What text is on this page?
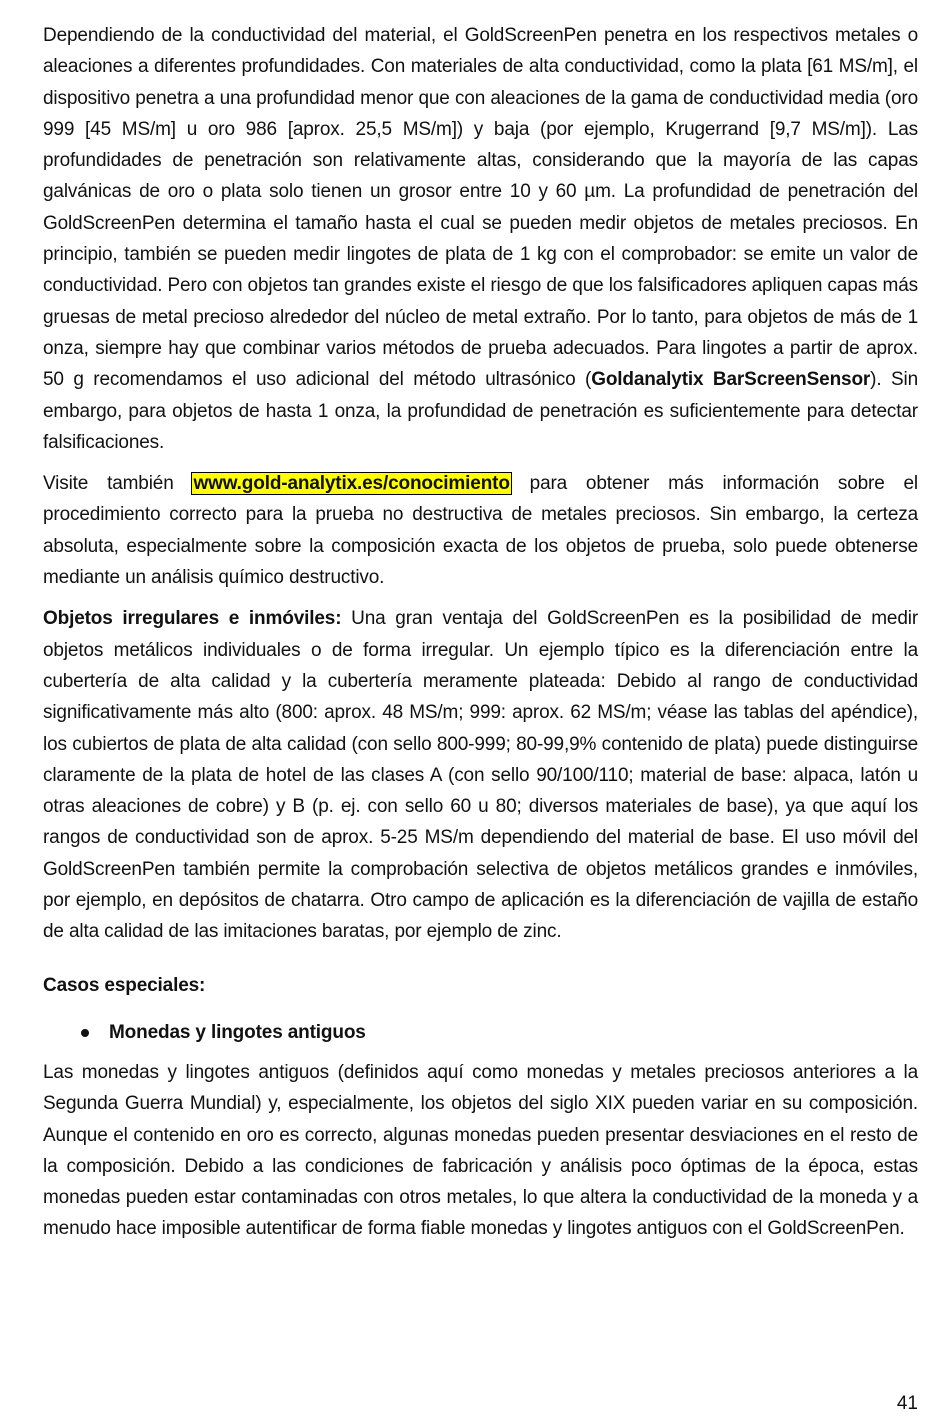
Dependiendo de la conductividad del material, el GoldScreenPen penetra en los respectivos metales o aleaciones a diferentes profundidades. Con materiales de alta conductividad, como la plata [61 MS/m], el dispositivo penetra a una profundidad menor que con aleaciones de la gama de conductividad media (oro 999 [45 MS/m] u oro 986 [aprox. 25,5 MS/m]) y baja (por ejemplo, Krugerrand [9,7 MS/m]). Las profundidades de penetración son relativamente altas, considerando que la mayoría de las capas galvánicas de oro o plata solo tienen un grosor entre 10 y 60 µm. La profundidad de penetración del GoldScreenPen determina el tamaño hasta el cual se pueden medir objetos de metales preciosos. En principio, también se pueden medir lingotes de plata de 1 kg con el comprobador: se emite un valor de conductividad. Pero con objetos tan grandes existe el riesgo de que los falsificadores apliquen capas más gruesas de metal precioso alrededor del núcleo de metal extraño. Por lo tanto, para objetos de más de 1 onza, siempre hay que combinar varios métodos de prueba adecuados. Para lingotes a partir de aprox. 50 g recomendamos el uso adicional del método ultrasónico (Goldanalytix BarScreenSensor). Sin embargo, para objetos de hasta 1 onza, la profundidad de penetración es suficientemente para detectar falsificaciones.

Visite también www.gold-analytix.es/conocimiento para obtener más información sobre el procedimiento correcto para la prueba no destructiva de metales preciosos. Sin embargo, la certeza absoluta, especialmente sobre la composición exacta de los objetos de prueba, solo puede obtenerse mediante un análisis químico destructivo.

Objetos irregulares e inmóviles: Una gran ventaja del GoldScreenPen es la posibilidad de medir objetos metálicos individuales o de forma irregular. Un ejemplo típico es la diferenciación entre la cubertería de alta calidad y la cubertería meramente plateada: Debido al rango de conductividad significativamente más alto (800: aprox. 48 MS/m; 999: aprox. 62 MS/m; véase las tablas del apéndice), los cubiertos de plata de alta calidad (con sello 800-999; 80-99,9% contenido de plata) puede distinguirse claramente de la plata de hotel de las clases A (con sello 90/100/110; material de base: alpaca, latón u otras aleaciones de cobre) y B (p. ej. con sello 60 u 80; diversos materiales de base), ya que aquí los rangos de conductividad son de aprox. 5-25 MS/m dependiendo del material de base. El uso móvil del GoldScreenPen también permite la comprobación selectiva de objetos metálicos grandes e inmóviles, por ejemplo, en depósitos de chatarra. Otro campo de aplicación es la diferenciación de vajilla de estaño de alta calidad de las imitaciones baratas, por ejemplo de zinc.

Casos especiales:

Monedas y lingotes antiguos

Las monedas y lingotes antiguos (definidos aquí como monedas y metales preciosos anteriores a la Segunda Guerra Mundial) y, especialmente, los objetos del siglo XIX pueden variar en su composición. Aunque el contenido en oro es correcto, algunas monedas pueden presentar desviaciones en el resto de la composición. Debido a las condiciones de fabricación y análisis poco óptimas de la época, estas monedas pueden estar contaminadas con otros metales, lo que altera la conductividad de la moneda y a menudo hace imposible autentificar de forma fiable monedas y lingotes antiguos con el GoldScreenPen.

41
